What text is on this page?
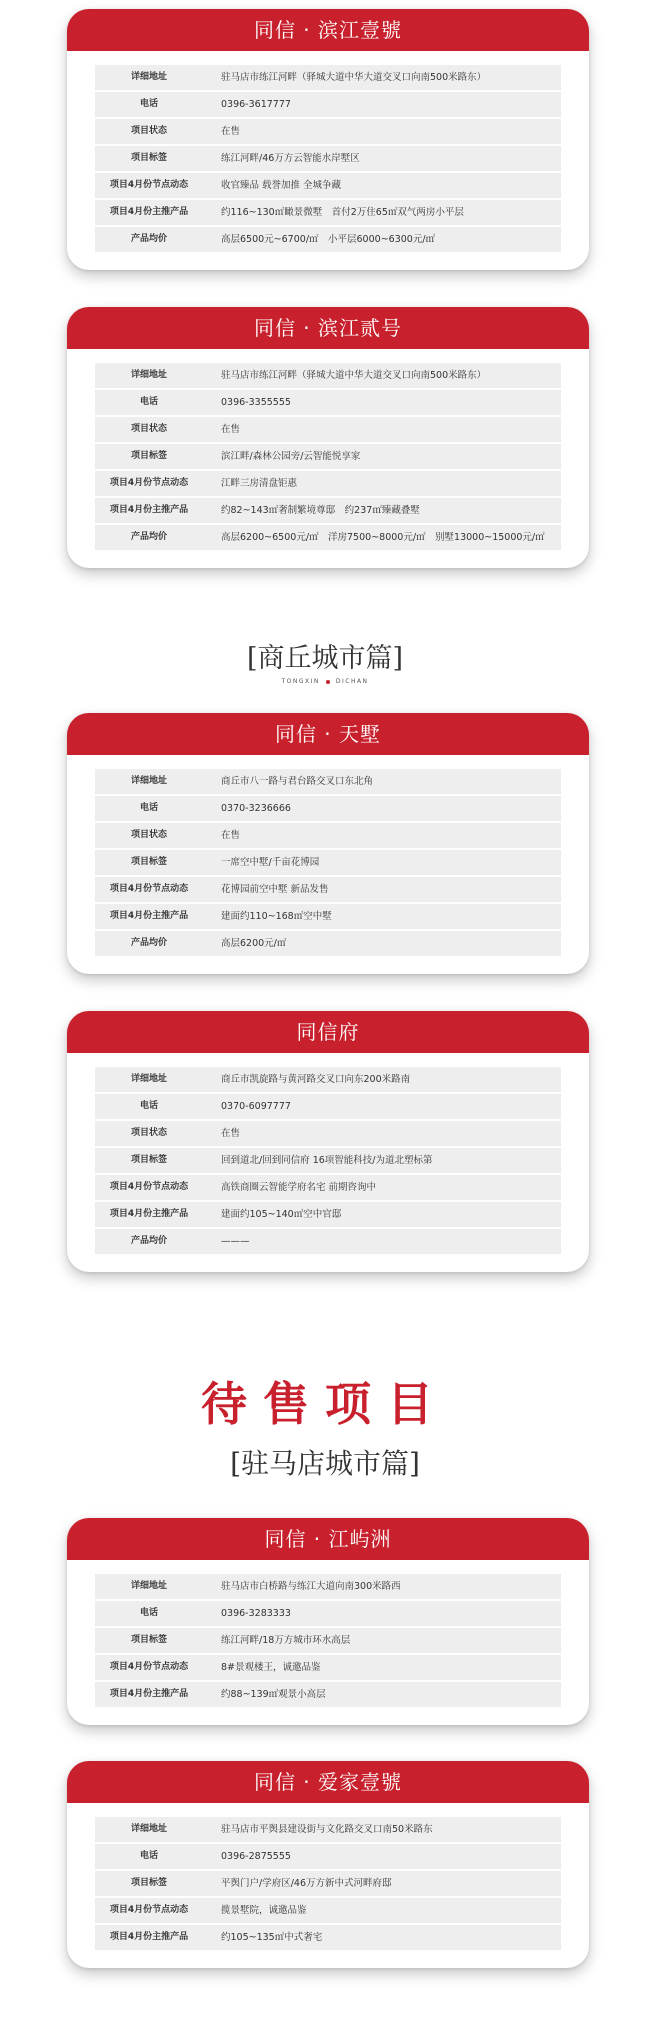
同信 · 滨江壹號
详细地址	驻马店市练江河畔（驿城大道中华大道交叉口向南500米路东）
电话	0396-3617777
项目状态	在售
项目标签	练江河畔/46万方云智能水岸墅区
项目4月份节点动态	收官臻品 载誉加推 全城争藏
项目4月份主推产品	约116~130㎡瞰景微墅　首付2万住65㎡双气两房小平层
产品均价	高层6500元~6700/㎡　小平层6000~6300元/㎡
同信 · 滨江贰号
详细地址	驻马店市练江河畔（驿城大道中华大道交叉口向南500米路东）
电话	0396-3355555
项目状态	在售
项目标签	滨江畔/森林公园旁/云智能悦享家
项目4月份节点动态	江畔三房清盘钜惠
项目4月份主推产品	约82~143㎡奢制繁境尊邸　约237㎡臻藏叠墅
产品均价	高层6200~6500元/㎡　洋房7500~8000元/㎡　别墅13000~15000元/㎡
[商丘城市篇]
TONGXIN	DICHAN
同信 · 天墅
详细地址	商丘市八一路与君台路交叉口东北角
电话	0370-3236666
项目状态	在售
项目标签	一席空中墅/千亩花博园
项目4月份节点动态	花博园前空中墅 新品发售
项目4月份主推产品	建面约110~168㎡空中墅
产品均价	高层6200元/㎡
同信府
详细地址	商丘市凯旋路与黄河路交叉口向东200米路南
电话	0370-6097777
项目状态	在售
项目标签	回到道北/回到同信府 16项智能科技/为道北塑标第
项目4月份节点动态	高铁商圈云智能学府名宅 前期咨询中
项目4月份主推产品	建面约105~140㎡空中官邸
产品均价	———
待售项目
[驻马店城市篇]
同信 · 江屿洲
详细地址	驻马店市白桥路与练江大道向南300米路西
电话	0396-3283333
项目标签	练江河畔/18万方城市环水高层
项目4月份节点动态	8#景观楼王，诚邀品鉴
项目4月份主推产品	约88~139㎡观景小高层
同信 · 爱家壹號
详细地址	驻马店市平舆县建设街与文化路交叉口南50米路东
电话	0396-2875555
项目标签	平舆门户/学府区/46万方新中式河畔府邸
项目4月份节点动态	揽景墅院，诚邀品鉴
项目4月份主推产品	约105~135㎡中式奢宅
